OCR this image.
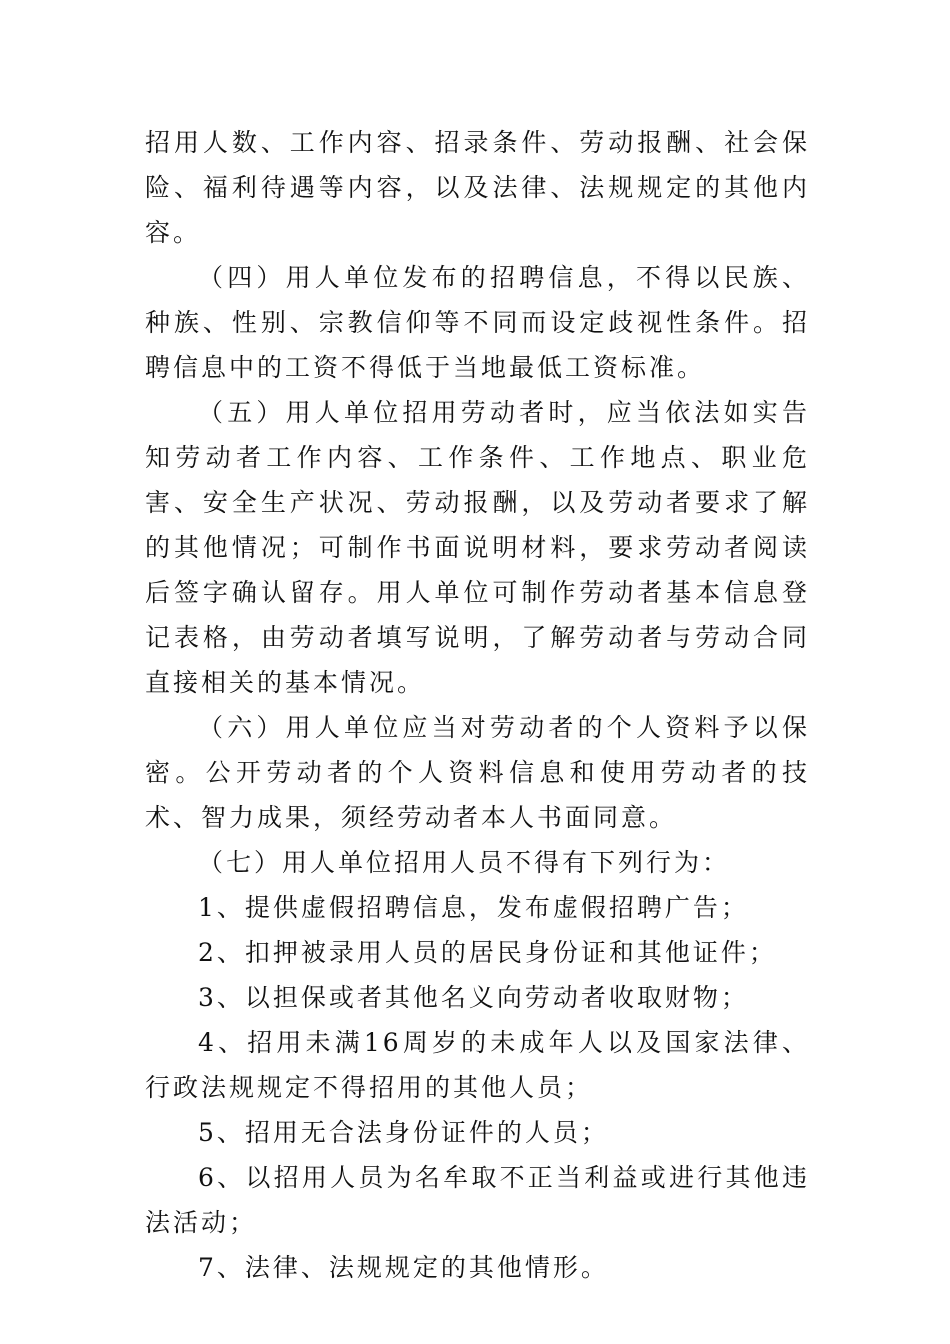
招用人数、工作内容、招录条件、劳动报酬、社会保险、福利待遇等内容，以及法律、法规规定的其他内容。

（四）用人单位发布的招聘信息，不得以民族、种族、性别、宗教信仰等不同而设定歧视性条件。招聘信息中的工资不得低于当地最低工资标准。

（五）用人单位招用劳动者时，应当依法如实告知劳动者工作内容、工作条件、工作地点、职业危害、安全生产状况、劳动报酬，以及劳动者要求了解的其他情况；可制作书面说明材料，要求劳动者阅读后签字确认留存。用人单位可制作劳动者基本信息登记表格，由劳动者填写说明，了解劳动者与劳动合同直接相关的基本情况。

（六）用人单位应当对劳动者的个人资料予以保密。公开劳动者的个人资料信息和使用劳动者的技术、智力成果，须经劳动者本人书面同意。

（七）用人单位招用人员不得有下列行为：

1、提供虚假招聘信息，发布虚假招聘广告；

2、扣押被录用人员的居民身份证和其他证件；

3、以担保或者其他名义向劳动者收取财物；

4、招用未满16周岁的未成年人以及国家法律、行政法规规定不得招用的其他人员；

5、招用无合法身份证件的人员；

6、以招用人员为名牟取不正当利益或进行其他违法活动；

7、法律、法规规定的其他情形。
